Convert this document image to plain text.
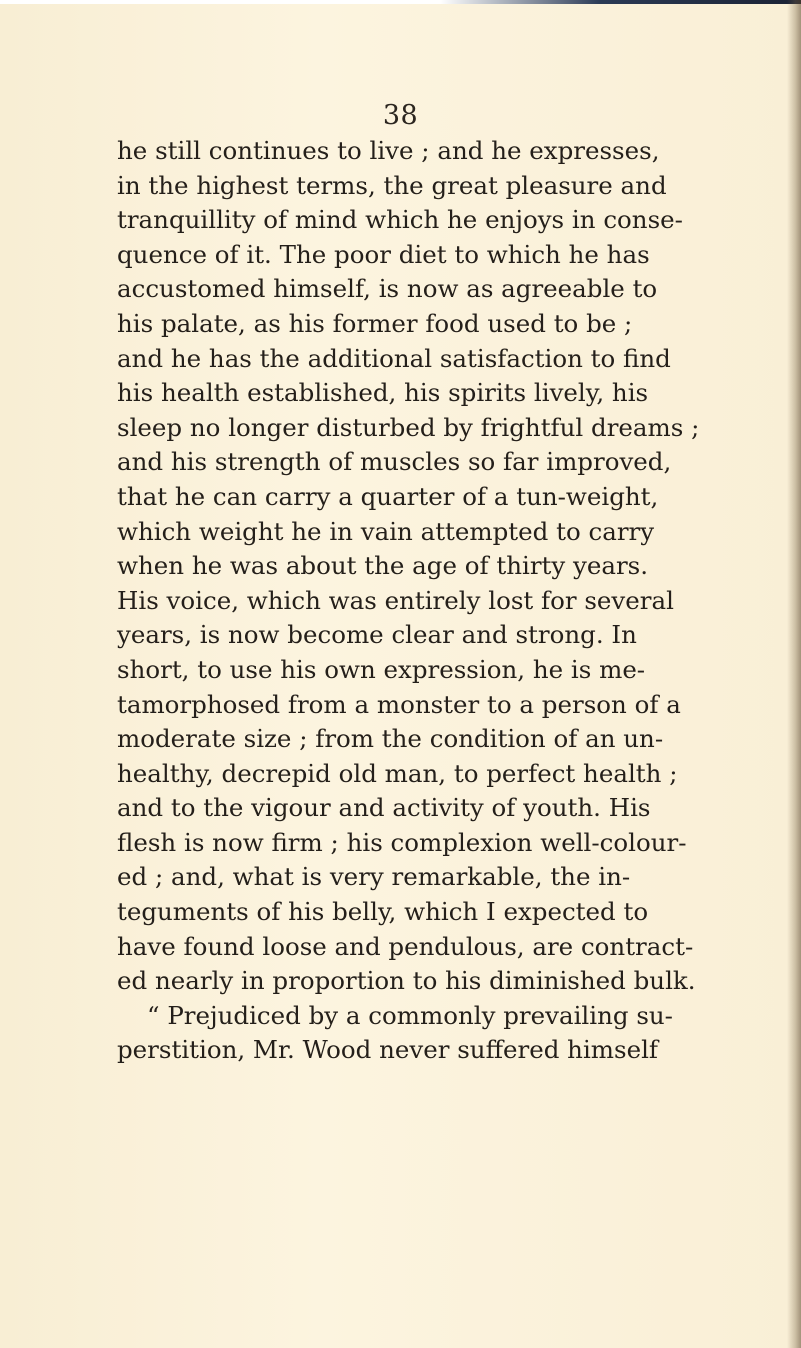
38
he still continues to live ; and he expresses,
in the highest terms, the great pleasure and
tranquillity of mind which he enjoys in conse-
quence of it. The poor diet to which he has
accustomed himself, is now as agreeable to
his palate, as his former food used to be ;
and he has the additional satisfaction to find
his health established, his spirits lively, his
sleep no longer disturbed by frightful dreams ;
and his strength of muscles so far improved,
that he can carry a quarter of a tun-weight,
which weight he in vain attempted to carry
when he was about the age of thirty years.
His voice, which was entirely lost for several
years, is now become clear and strong. In
short, to use his own expression, he is me-
tamorphosed from a monster to a person of a
moderate size ; from the condition of an un-
healthy, decrepid old man, to perfect health ;
and to the vigour and activity of youth. His
flesh is now firm ; his complexion well-colour-
ed ; and, what is very remarkable, the in-
teguments of his belly, which I expected to
have found loose and pendulous, are contract-
ed nearly in proportion to his diminished bulk.
“ Prejudiced by a commonly prevailing su-
perstition, Mr. Wood never suffered himself
